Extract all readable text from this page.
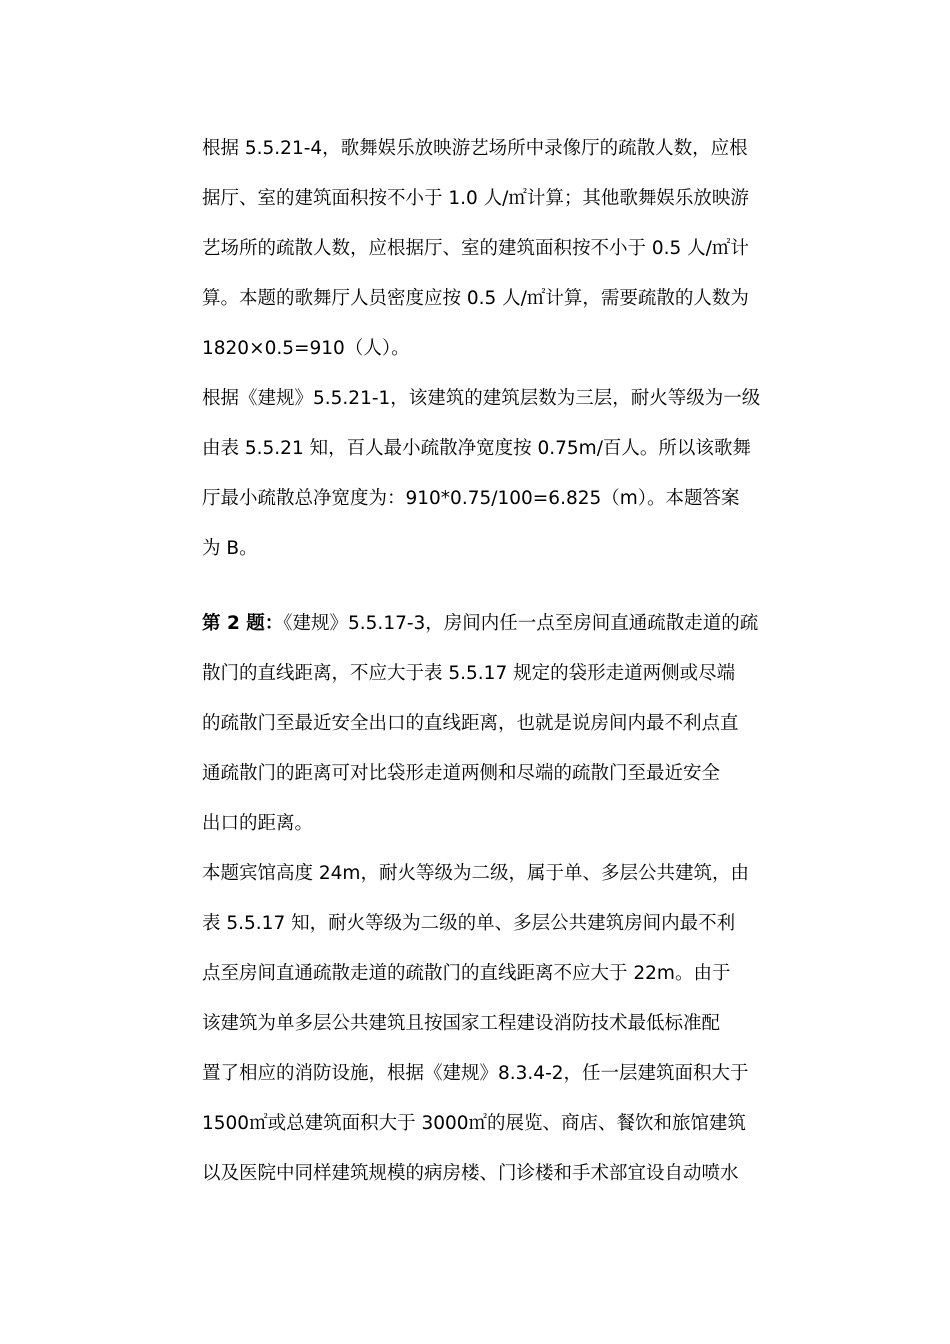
根据 5.5.21-4，歌舞娱乐放映游艺场所中录像厅的疏散人数，应根
据厅、室的建筑面积按不小于 1.0 人/㎡计算；其他歌舞娱乐放映游
艺场所的疏散人数，应根据厅、室的建筑面积按不小于 0.5 人/㎡计
算。本题的歌舞厅人员密度应按 0.5 人/㎡计算，需要疏散的人数为
1820×0.5=910（人）。
根据《建规》5.5.21-1，该建筑的建筑层数为三层，耐火等级为一级
由表 5.5.21 知，百人最小疏散净宽度按 0.75m/百人。所以该歌舞
厅最小疏散总净宽度为：910*0.75/100=6.825（m）。本题答案
为 B。
第 2 题：《建规》5.5.17-3，房间内任一点至房间直通疏散走道的疏
散门的直线距离，不应大于表 5.5.17 规定的袋形走道两侧或尽端
的疏散门至最近安全出口的直线距离，也就是说房间内最不利点直
通疏散门的距离可对比袋形走道两侧和尽端的疏散门至最近安全
出口的距离。
本题宾馆高度 24m，耐火等级为二级，属于单、多层公共建筑，由
表 5.5.17 知，耐火等级为二级的单、多层公共建筑房间内最不利
点至房间直通疏散走道的疏散门的直线距离不应大于 22m。由于
该建筑为单多层公共建筑且按国家工程建设消防技术最低标准配
置了相应的消防设施，根据《建规》8.3.4-2，任一层建筑面积大于
1500㎡或总建筑面积大于 3000㎡的展览、商店、餐饮和旅馆建筑
以及医院中同样建筑规模的病房楼、门诊楼和手术部宜设自动喷水
